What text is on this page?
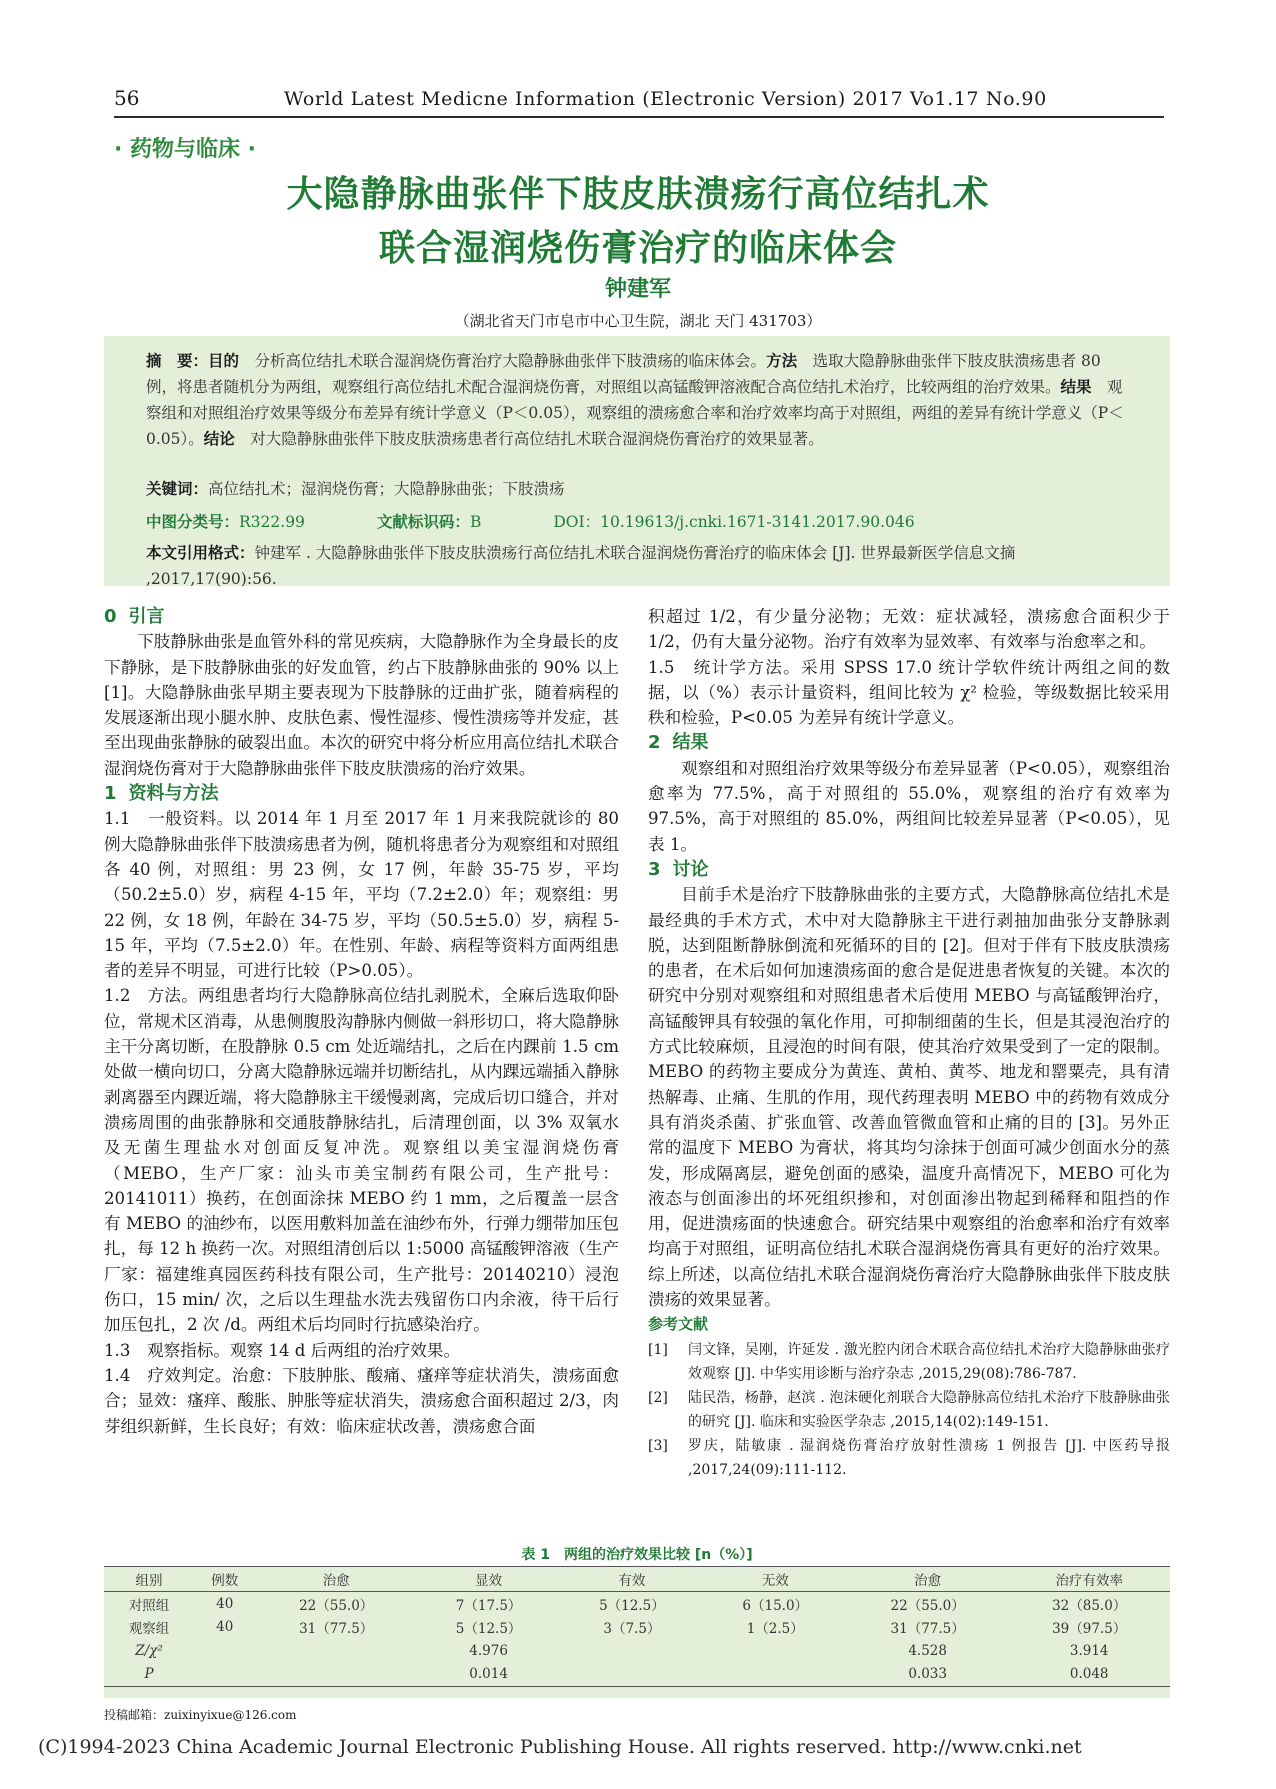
56	World Latest Medicne Information (Electronic Version) 2017 Vo1.17 No.90
· 药物与临床 ·
大隐静脉曲张伴下肢皮肤溃疡行高位结扎术
联合湿润烧伤膏治疗的临床体会
钟建军
（湖北省天门市皂市中心卫生院，湖北 天门 431703）
摘　要：目的　 分析高位结扎术联合湿润烧伤膏治疗大隐静脉曲张伴下肢溃疡的临床体会。方法　 选取大隐静脉曲张伴下肢皮肤溃疡患者 80 例，将患者随机分为两组，观察组行高位结扎术配合湿润烧伤膏，对照组以高锰酸钾溶液配合高位结扎术治疗，比较两组的治疗效果。结果　 观察组和对照组治疗效果等级分布差异有统计学意义（P＜0.05），观察组的溃疡愈合率和治疗效率均高于对照组，两组的差异有统计学意义（P＜0.05）。结论　 对大隐静脉曲张伴下肢皮肤溃疡患者行高位结扎术联合湿润烧伤膏治疗的效果显著。
关键词：高位结扎术；湿润烧伤膏；大隐静脉曲张；下肢溃疡
中图分类号：R322.99	文献标识码：B	DOI：10.19613/j.cnki.1671-3141.2017.90.046
本文引用格式：钟建军 . 大隐静脉曲张伴下肢皮肤溃疡行高位结扎术联合湿润烧伤膏治疗的临床体会 [J]. 世界最新医学信息文摘 ,2017,17(90):56.

0 引言

下肢静脉曲张是血管外科的常见疾病，大隐静脉作为全身最长的皮下静脉，是下肢静脉曲张的好发血管，约占下肢静脉曲张的 90% 以上 [1]。大隐静脉曲张早期主要表现为下肢静脉的迂曲扩张，随着病程的发展逐渐出现小腿水肿、皮肤色素、慢性湿疹、慢性溃疡等并发症，甚至出现曲张静脉的破裂出血。本次的研究中将分析应用高位结扎术联合湿润烧伤膏对于大隐静脉曲张伴下肢皮肤溃疡的治疗效果。

1 资料与方法

1.1　一般资料。以 2014 年 1 月至 2017 年 1 月来我院就诊的 80 例大隐静脉曲张伴下肢溃疡患者为例，随机将患者分为观察组和对照组各 40 例，对照组：男 23 例，女 17 例，年龄 35-75 岁，平均（50.2±5.0）岁，病程 4-15 年，平均（7.2±2.0）年；观察组：男 22 例，女 18 例，年龄在 34-75 岁，平均（50.5±5.0）岁，病程 5-15 年，平均（7.5±2.0）年。在性别、年龄、病程等资料方面两组患者的差异不明显，可进行比较（P>0.05）。

1.2　方法。两组患者均行大隐静脉高位结扎剥脱术，全麻后选取仰卧位，常规术区消毒，从患侧腹股沟静脉内侧做一斜形切口，将大隐静脉主干分离切断，在股静脉 0.5 cm 处近端结扎，之后在内踝前 1.5 cm 处做一横向切口，分离大隐静脉远端并切断结扎，从内踝远端插入静脉剥离器至内踝近端，将大隐静脉主干缓慢剥离，完成后切口缝合，并对溃疡周围的曲张静脉和交通肢静脉结扎，后清理创面，以 3% 双氧水及无菌生理盐水对创面反复冲洗。观察组以美宝湿润烧伤膏（MEBO，生产厂家：汕头市美宝制药有限公司，生产批号：20141011）换药，在创面涂抹 MEBO 约 1 mm，之后覆盖一层含有 MEBO 的油纱布，以医用敷料加盖在油纱布外，行弹力绷带加压包扎，每 12 h 换药一次。对照组清创后以 1:5000 高锰酸钾溶液（生产厂家：福建维真园医药科技有限公司，生产批号：20140210）浸泡伤口，15 min/ 次，之后以生理盐水洗去残留伤口内余液，待干后行加压包扎，2 次 /d。两组术后均同时行抗感染治疗。

1.3　观察指标。观察 14 d 后两组的治疗效果。

1.4　疗效判定。治愈：下肢肿胀、酸痛、瘙痒等症状消失，溃疡面愈合；显效：瘙痒、酸胀、肿胀等症状消失，溃疡愈合面积超过 2/3，肉芽组织新鲜，生长良好；有效：临床症状改善，溃疡愈合面

积超过 1/2，有少量分泌物；无效：症状减轻，溃疡愈合面积少于 1/2，仍有大量分泌物。治疗有效率为显效率、有效率与治愈率之和。

1.5　统计学方法。采用 SPSS 17.0 统计学软件统计两组之间的数据，以（%）表示计量资料，组间比较为 χ² 检验，等级数据比较采用秩和检验，P<0.05 为差异有统计学意义。

2 结果

观察组和对照组治疗效果等级分布差异显著（P<0.05），观察组治愈率为 77.5%，高于对照组的 55.0%，观察组的治疗有效率为 97.5%，高于对照组的 85.0%，两组间比较差异显著（P<0.05），见表 1。

3 讨论

目前手术是治疗下肢静脉曲张的主要方式，大隐静脉高位结扎术是最经典的手术方式，术中对大隐静脉主干进行剥抽加曲张分支静脉剥脱，达到阻断静脉倒流和死循环的目的 [2]。但对于伴有下肢皮肤溃疡的患者，在术后如何加速溃疡面的愈合是促进患者恢复的关键。本次的研究中分别对观察组和对照组患者术后使用 MEBO 与高锰酸钾治疗，高锰酸钾具有较强的氧化作用，可抑制细菌的生长，但是其浸泡治疗的方式比较麻烦，且浸泡的时间有限，使其治疗效果受到了一定的限制。MEBO 的药物主要成分为黄连、黄柏、黄芩、地龙和罂粟壳，具有清热解毒、止痛、生肌的作用，现代药理表明 MEBO 中的药物有效成分具有消炎杀菌、扩张血管、改善血管微血管和止痛的目的 [3]。另外正常的温度下 MEBO 为膏状，将其均匀涂抹于创面可减少创面水分的蒸发，形成隔离层，避免创面的感染，温度升高情况下，MEBO 可化为液态与创面渗出的坏死组织掺和，对创面渗出物起到稀释和阻挡的作用，促进溃疡面的快速愈合。研究结果中观察组的治愈率和治疗有效率均高于对照组，证明高位结扎术联合湿润烧伤膏具有更好的治疗效果。综上所述，以高位结扎术联合湿润烧伤膏治疗大隐静脉曲张伴下肢皮肤溃疡的效果显著。

参考文献

[1]	闫文锋，吴刚，许延发 . 激光腔内闭合术联合高位结扎术治疗大隐静脉曲张疗效观察 [J]. 中华实用诊断与治疗杂志 ,2015,29(08):786-787.
[2]	陆民浩，杨静，赵滨 . 泡沫硬化剂联合大隐静脉高位结扎术治疗下肢静脉曲张的研究 [J]. 临床和实验医学杂志 ,2015,14(02):149-151.
[3]	罗庆，陆敏康 . 湿润烧伤膏治疗放射性溃疡 1 例报告 [J]. 中医药导报 ,2017,24(09):111-112.
表 1　两组的治疗效果比较 [n（%）]
组别	例数	治愈	显效	有效	无效	治愈	治疗有效率
对照组	40	22（55.0）	7（17.5）	5（12.5）	6（15.0）	22（55.0）	32（85.0）
观察组	40	31（77.5）	5（12.5）	3（7.5）	1（2.5）	31（77.5）	39（97.5）
Z/χ²			4.976			4.528	3.914
P			0.014			0.033	0.048
投稿邮箱：zuixinyixue@126.com
(C)1994-2023 China Academic Journal Electronic Publishing House. All rights reserved. http://www.cnki.net
